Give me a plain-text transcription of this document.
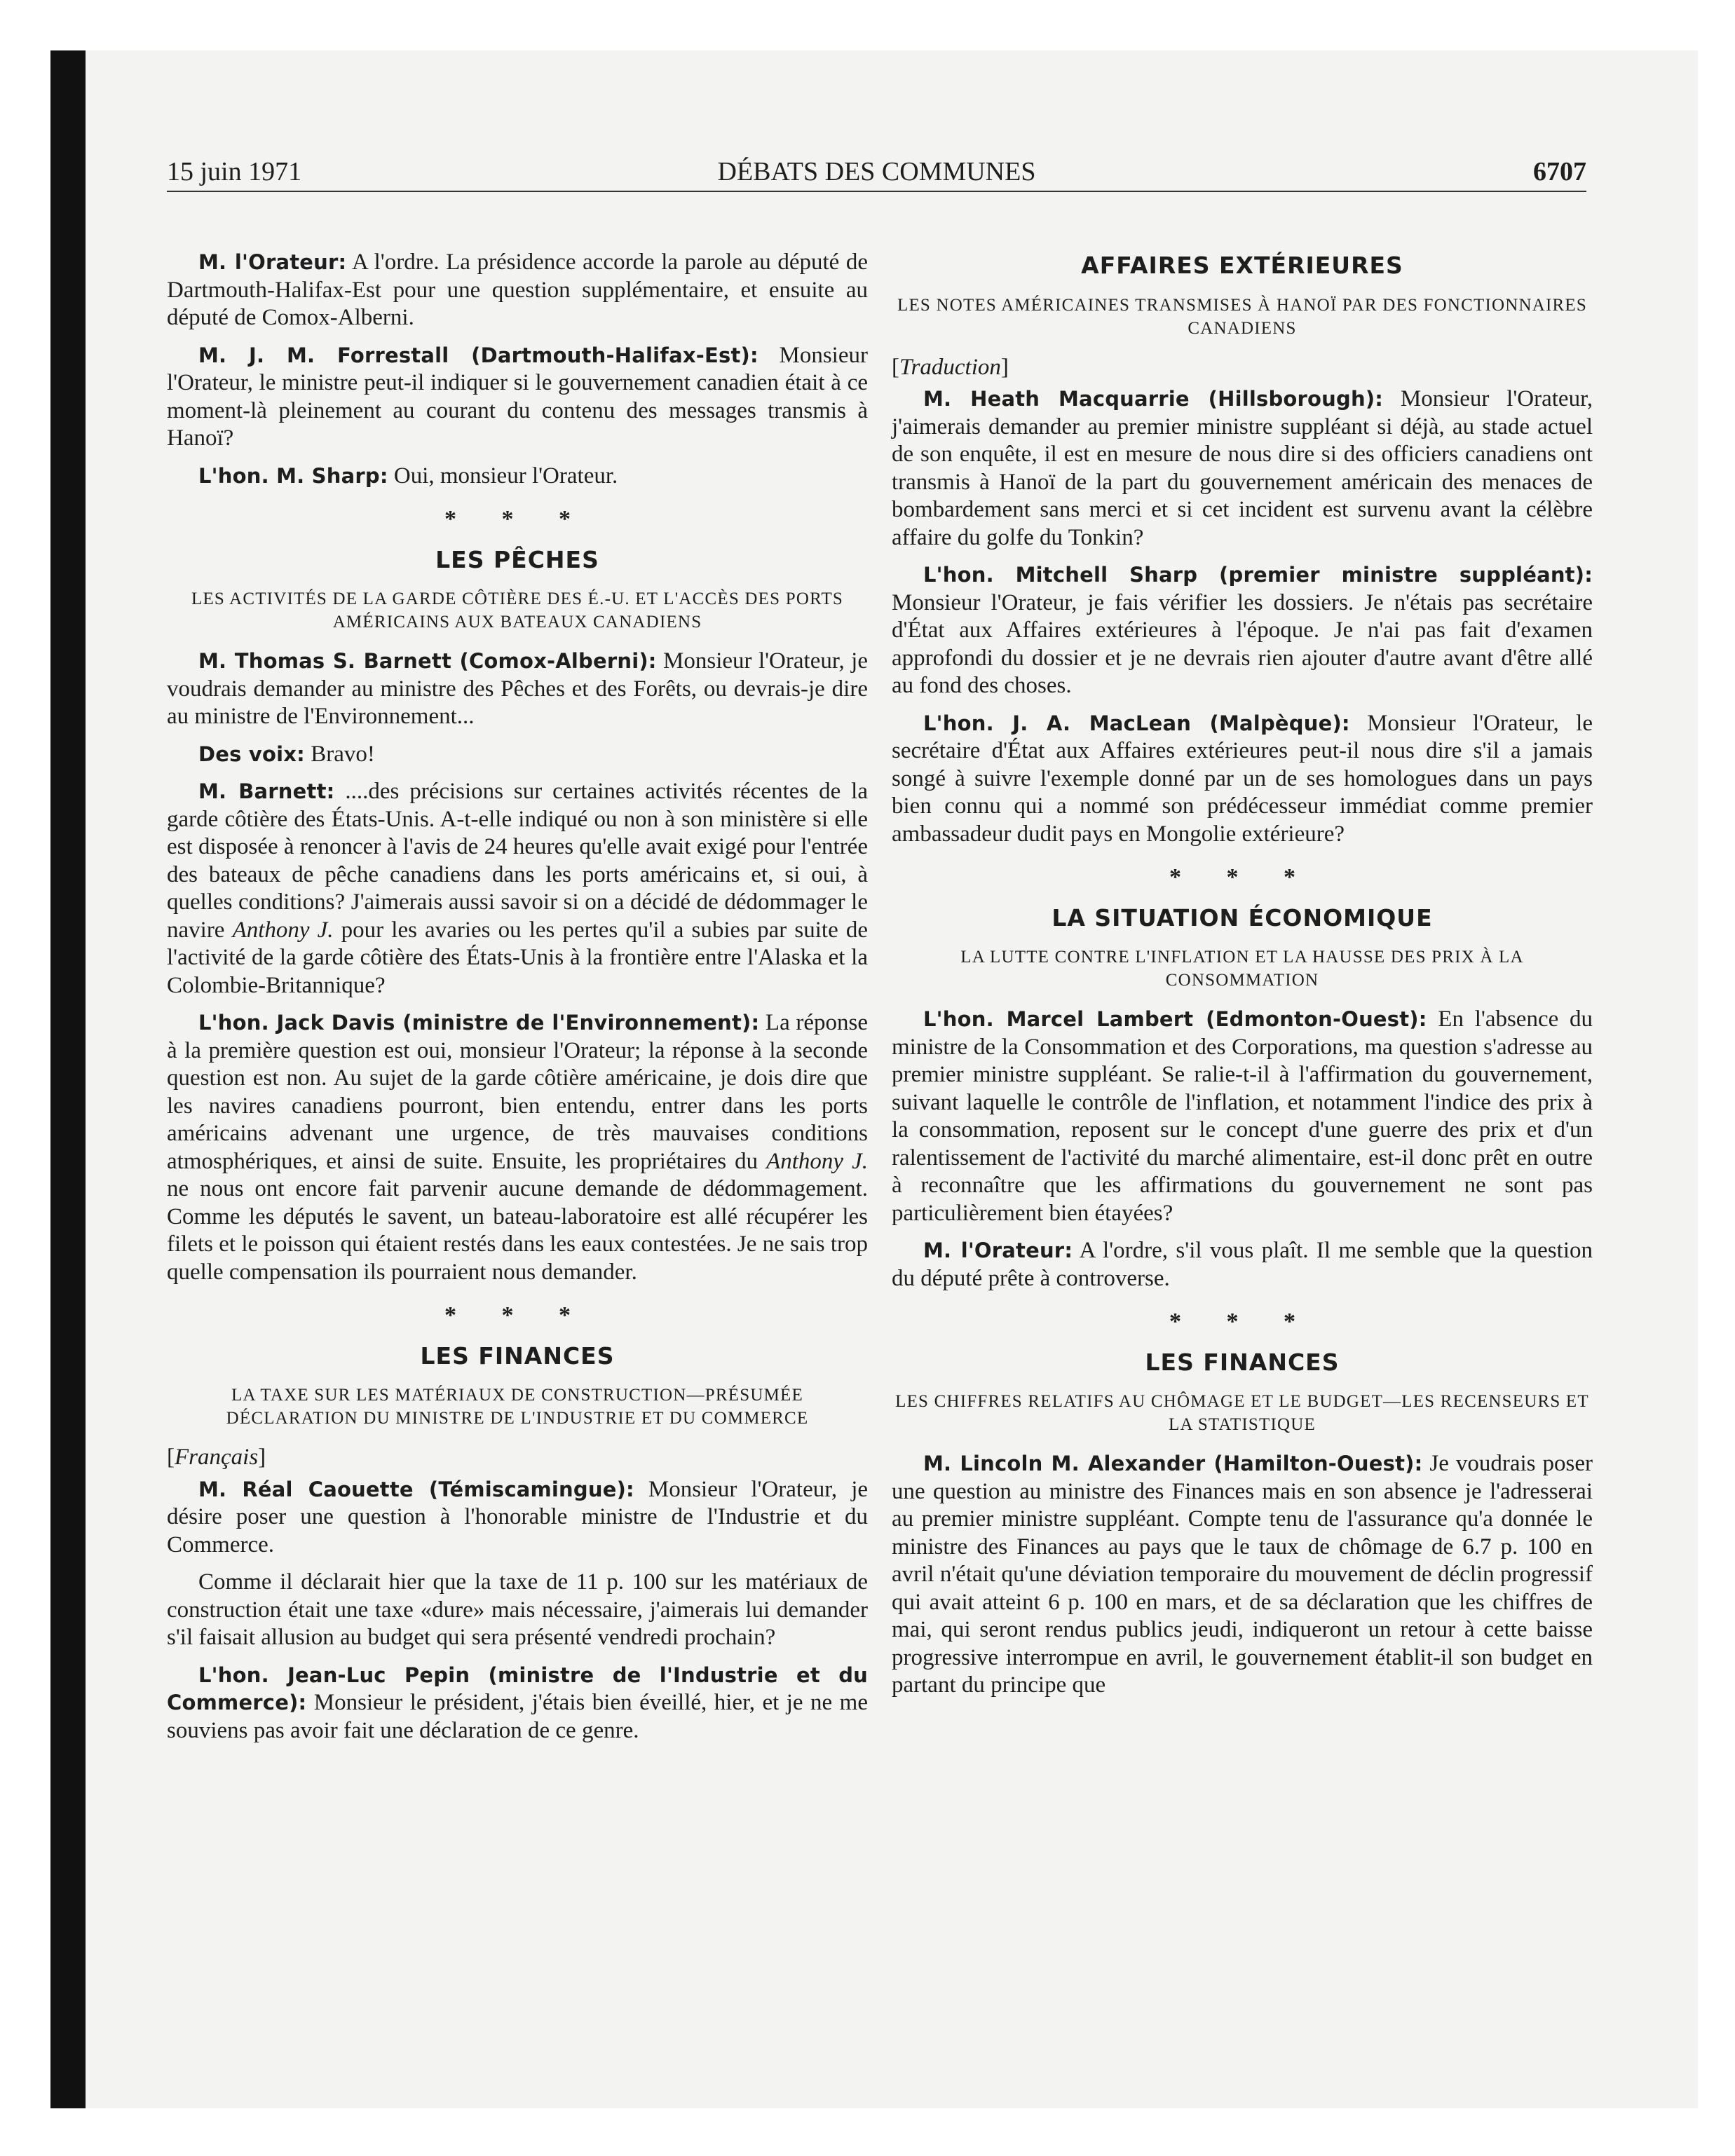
15 juin 1971	DÉBATS DES COMMUNES	6707

M. l'Orateur: A l'ordre. La présidence accorde la parole au député de Dartmouth-Halifax-Est pour une question supplémentaire, et ensuite au député de Comox-Alberni.

M. J. M. Forrestall (Dartmouth-Halifax-Est): Monsieur l'Orateur, le ministre peut-il indiquer si le gouvernement canadien était à ce moment-là pleinement au courant du contenu des messages transmis à Hanoï?

L'hon. M. Sharp: Oui, monsieur l'Orateur.

* * *

LES PÊCHES

LES ACTIVITÉS DE LA GARDE CÔTIÈRE DES É.-U. ET L'ACCÈS DES PORTS AMÉRICAINS AUX BATEAUX CANADIENS

M. Thomas S. Barnett (Comox-Alberni): Monsieur l'Orateur, je voudrais demander au ministre des Pêches et des Forêts, ou devrais-je dire au ministre de l'Environnement...

Des voix: Bravo!

M. Barnett: ....des précisions sur certaines activités récentes de la garde côtière des États-Unis. A-t-elle indiqué ou non à son ministère si elle est disposée à renoncer à l'avis de 24 heures qu'elle avait exigé pour l'entrée des bateaux de pêche canadiens dans les ports américains et, si oui, à quelles conditions? J'aimerais aussi savoir si on a décidé de dédommager le navire Anthony J. pour les avaries ou les pertes qu'il a subies par suite de l'activité de la garde côtière des États-Unis à la frontière entre l'Alaska et la Colombie-Britannique?

L'hon. Jack Davis (ministre de l'Environnement): La réponse à la première question est oui, monsieur l'Orateur; la réponse à la seconde question est non. Au sujet de la garde côtière américaine, je dois dire que les navires canadiens pourront, bien entendu, entrer dans les ports américains advenant une urgence, de très mauvaises conditions atmosphériques, et ainsi de suite. Ensuite, les propriétaires du Anthony J. ne nous ont encore fait parvenir aucune demande de dédommagement. Comme les députés le savent, un bateau-laboratoire est allé récupérer les filets et le poisson qui étaient restés dans les eaux contestées. Je ne sais trop quelle compensation ils pourraient nous demander.

* * *

LES FINANCES

LA TAXE SUR LES MATÉRIAUX DE CONSTRUCTION—PRÉSUMÉE DÉCLARATION DU MINISTRE DE L'INDUSTRIE ET DU COMMERCE

[Français]

M. Réal Caouette (Témiscamingue): Monsieur l'Orateur, je désire poser une question à l'honorable ministre de l'Industrie et du Commerce.

Comme il déclarait hier que la taxe de 11 p. 100 sur les matériaux de construction était une taxe «dure» mais nécessaire, j'aimerais lui demander s'il faisait allusion au budget qui sera présenté vendredi prochain?

L'hon. Jean-Luc Pepin (ministre de l'Industrie et du Commerce): Monsieur le président, j'étais bien éveillé, hier, et je ne me souviens pas avoir fait une déclaration de ce genre.

AFFAIRES EXTÉRIEURES

LES NOTES AMÉRICAINES TRANSMISES À HANOÏ PAR DES FONCTIONNAIRES CANADIENS

[Traduction]

M. Heath Macquarrie (Hillsborough): Monsieur l'Orateur, j'aimerais demander au premier ministre suppléant si déjà, au stade actuel de son enquête, il est en mesure de nous dire si des officiers canadiens ont transmis à Hanoï de la part du gouvernement américain des menaces de bombardement sans merci et si cet incident est survenu avant la célèbre affaire du golfe du Tonkin?

L'hon. Mitchell Sharp (premier ministre suppléant): Monsieur l'Orateur, je fais vérifier les dossiers. Je n'étais pas secrétaire d'État aux Affaires extérieures à l'époque. Je n'ai pas fait d'examen approfondi du dossier et je ne devrais rien ajouter d'autre avant d'être allé au fond des choses.

L'hon. J. A. MacLean (Malpèque): Monsieur l'Orateur, le secrétaire d'État aux Affaires extérieures peut-il nous dire s'il a jamais songé à suivre l'exemple donné par un de ses homologues dans un pays bien connu qui a nommé son prédécesseur immédiat comme premier ambassadeur dudit pays en Mongolie extérieure?

* * *

LA SITUATION ÉCONOMIQUE

LA LUTTE CONTRE L'INFLATION ET LA HAUSSE DES PRIX À LA CONSOMMATION

L'hon. Marcel Lambert (Edmonton-Ouest): En l'absence du ministre de la Consommation et des Corporations, ma question s'adresse au premier ministre suppléant. Se ralie-t-il à l'affirmation du gouvernement, suivant laquelle le contrôle de l'inflation, et notamment l'indice des prix à la consommation, reposent sur le concept d'une guerre des prix et d'un ralentissement de l'activité du marché alimentaire, est-il donc prêt en outre à reconnaître que les affirmations du gouvernement ne sont pas particulièrement bien étayées?

M. l'Orateur: A l'ordre, s'il vous plaît. Il me semble que la question du député prête à controverse.

* * *

LES FINANCES

LES CHIFFRES RELATIFS AU CHÔMAGE ET LE BUDGET—LES RECENSEURS ET LA STATISTIQUE

M. Lincoln M. Alexander (Hamilton-Ouest): Je voudrais poser une question au ministre des Finances mais en son absence je l'adresserai au premier ministre suppléant. Compte tenu de l'assurance qu'a donnée le ministre des Finances au pays que le taux de chômage de 6.7 p. 100 en avril n'était qu'une déviation temporaire du mouvement de déclin progressif qui avait atteint 6 p. 100 en mars, et de sa déclaration que les chiffres de mai, qui seront rendus publics jeudi, indiqueront un retour à cette baisse progressive interrompue en avril, le gouvernement établit-il son budget en partant du principe que
